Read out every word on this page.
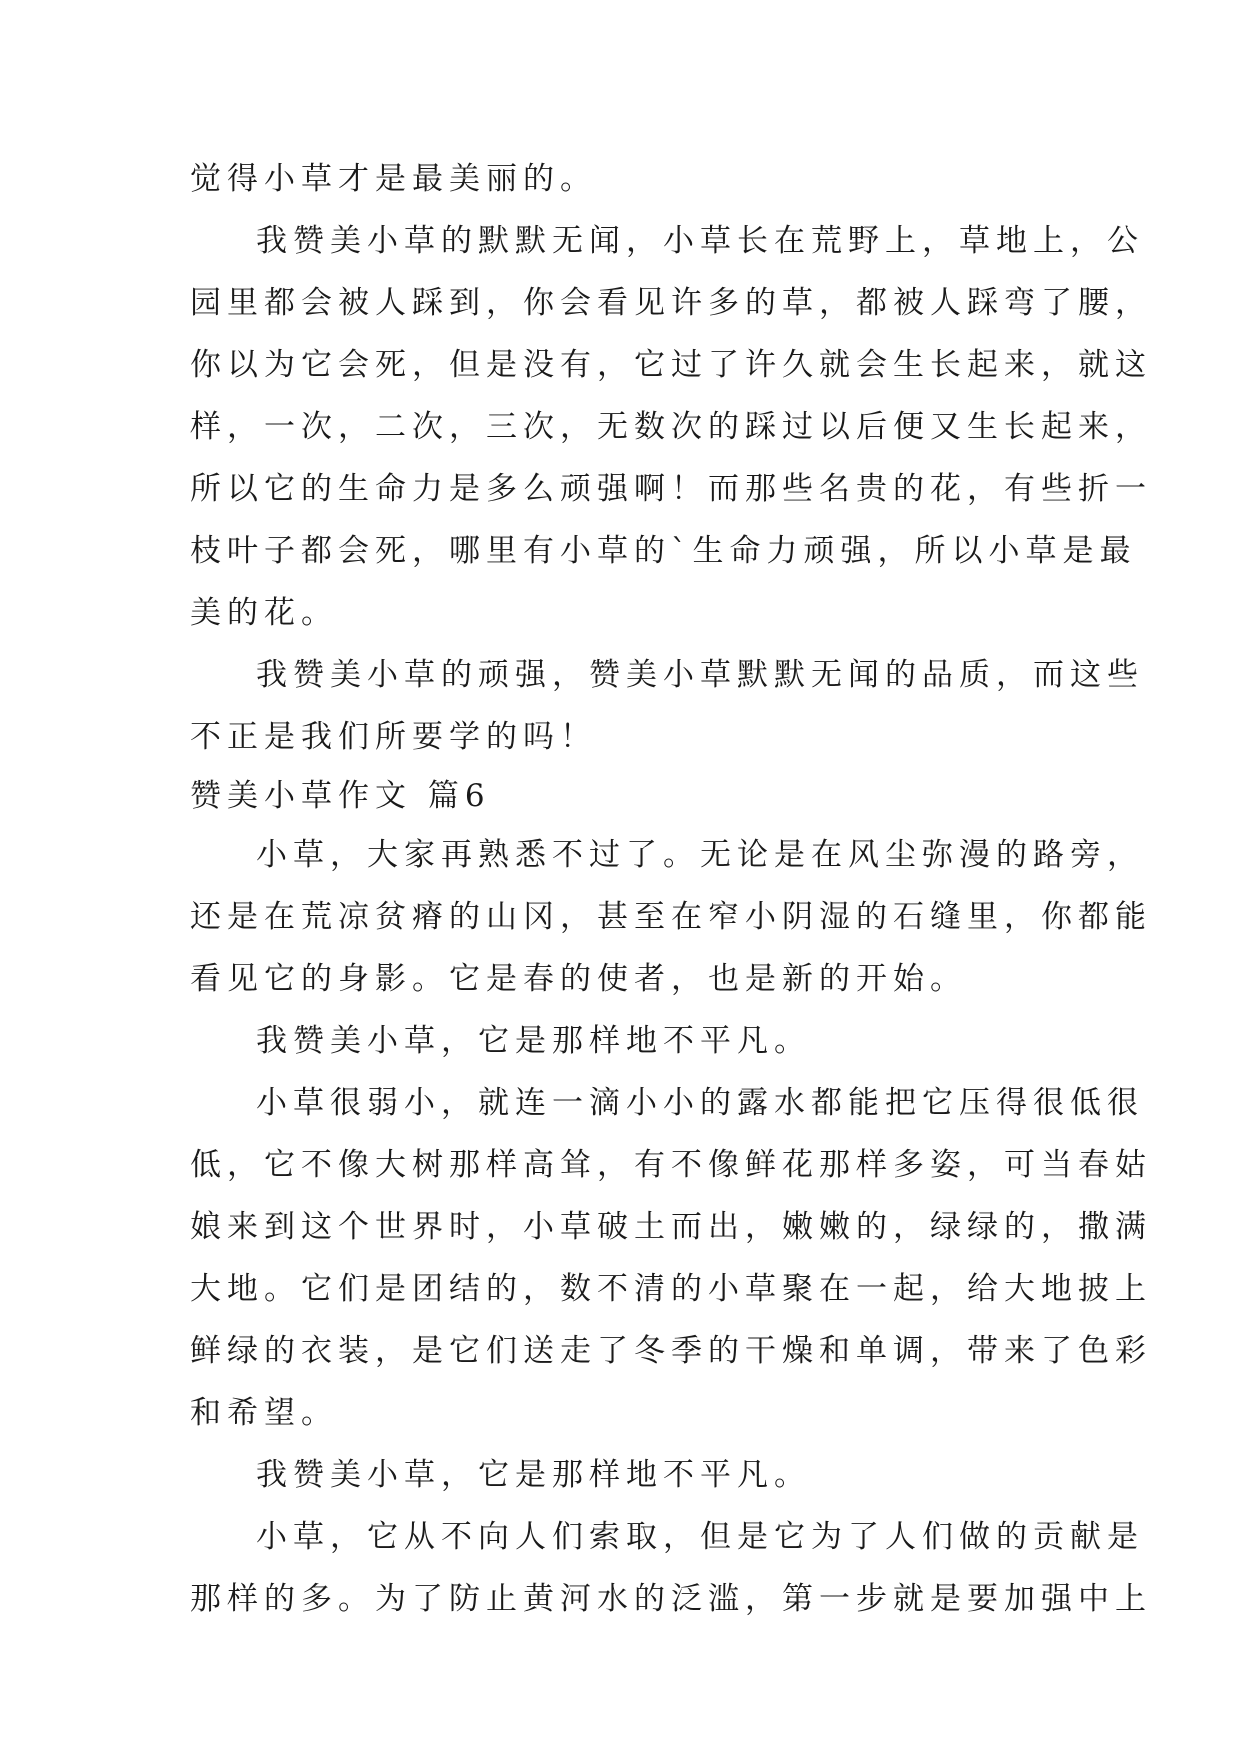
觉得小草才是最美丽的。
我赞美小草的默默无闻，小草长在荒野上，草地上，公
园里都会被人踩到，你会看见许多的草，都被人踩弯了腰，
你以为它会死，但是没有，它过了许久就会生长起来，就这
样，一次，二次，三次，无数次的踩过以后便又生长起来，
所以它的生命力是多么顽强啊！而那些名贵的花，有些折一
枝叶子都会死，哪里有小草的`生命力顽强，所以小草是最
美的花。
我赞美小草的顽强，赞美小草默默无闻的品质，而这些
不正是我们所要学的吗！
赞美小草作文 篇6
小草，大家再熟悉不过了。无论是在风尘弥漫的路旁，
还是在荒凉贫瘠的山冈，甚至在窄小阴湿的石缝里，你都能
看见它的身影。它是春的使者，也是新的开始。
我赞美小草，它是那样地不平凡。
小草很弱小，就连一滴小小的露水都能把它压得很低很
低，它不像大树那样高耸，有不像鲜花那样多姿，可当春姑
娘来到这个世界时，小草破土而出，嫩嫩的，绿绿的，撒满
大地。它们是团结的，数不清的小草聚在一起，给大地披上
鲜绿的衣装，是它们送走了冬季的干燥和单调，带来了色彩
和希望。
我赞美小草，它是那样地不平凡。
小草，它从不向人们索取，但是它为了人们做的贡献是
那样的多。为了防止黄河水的泛滥，第一步就是要加强中上
